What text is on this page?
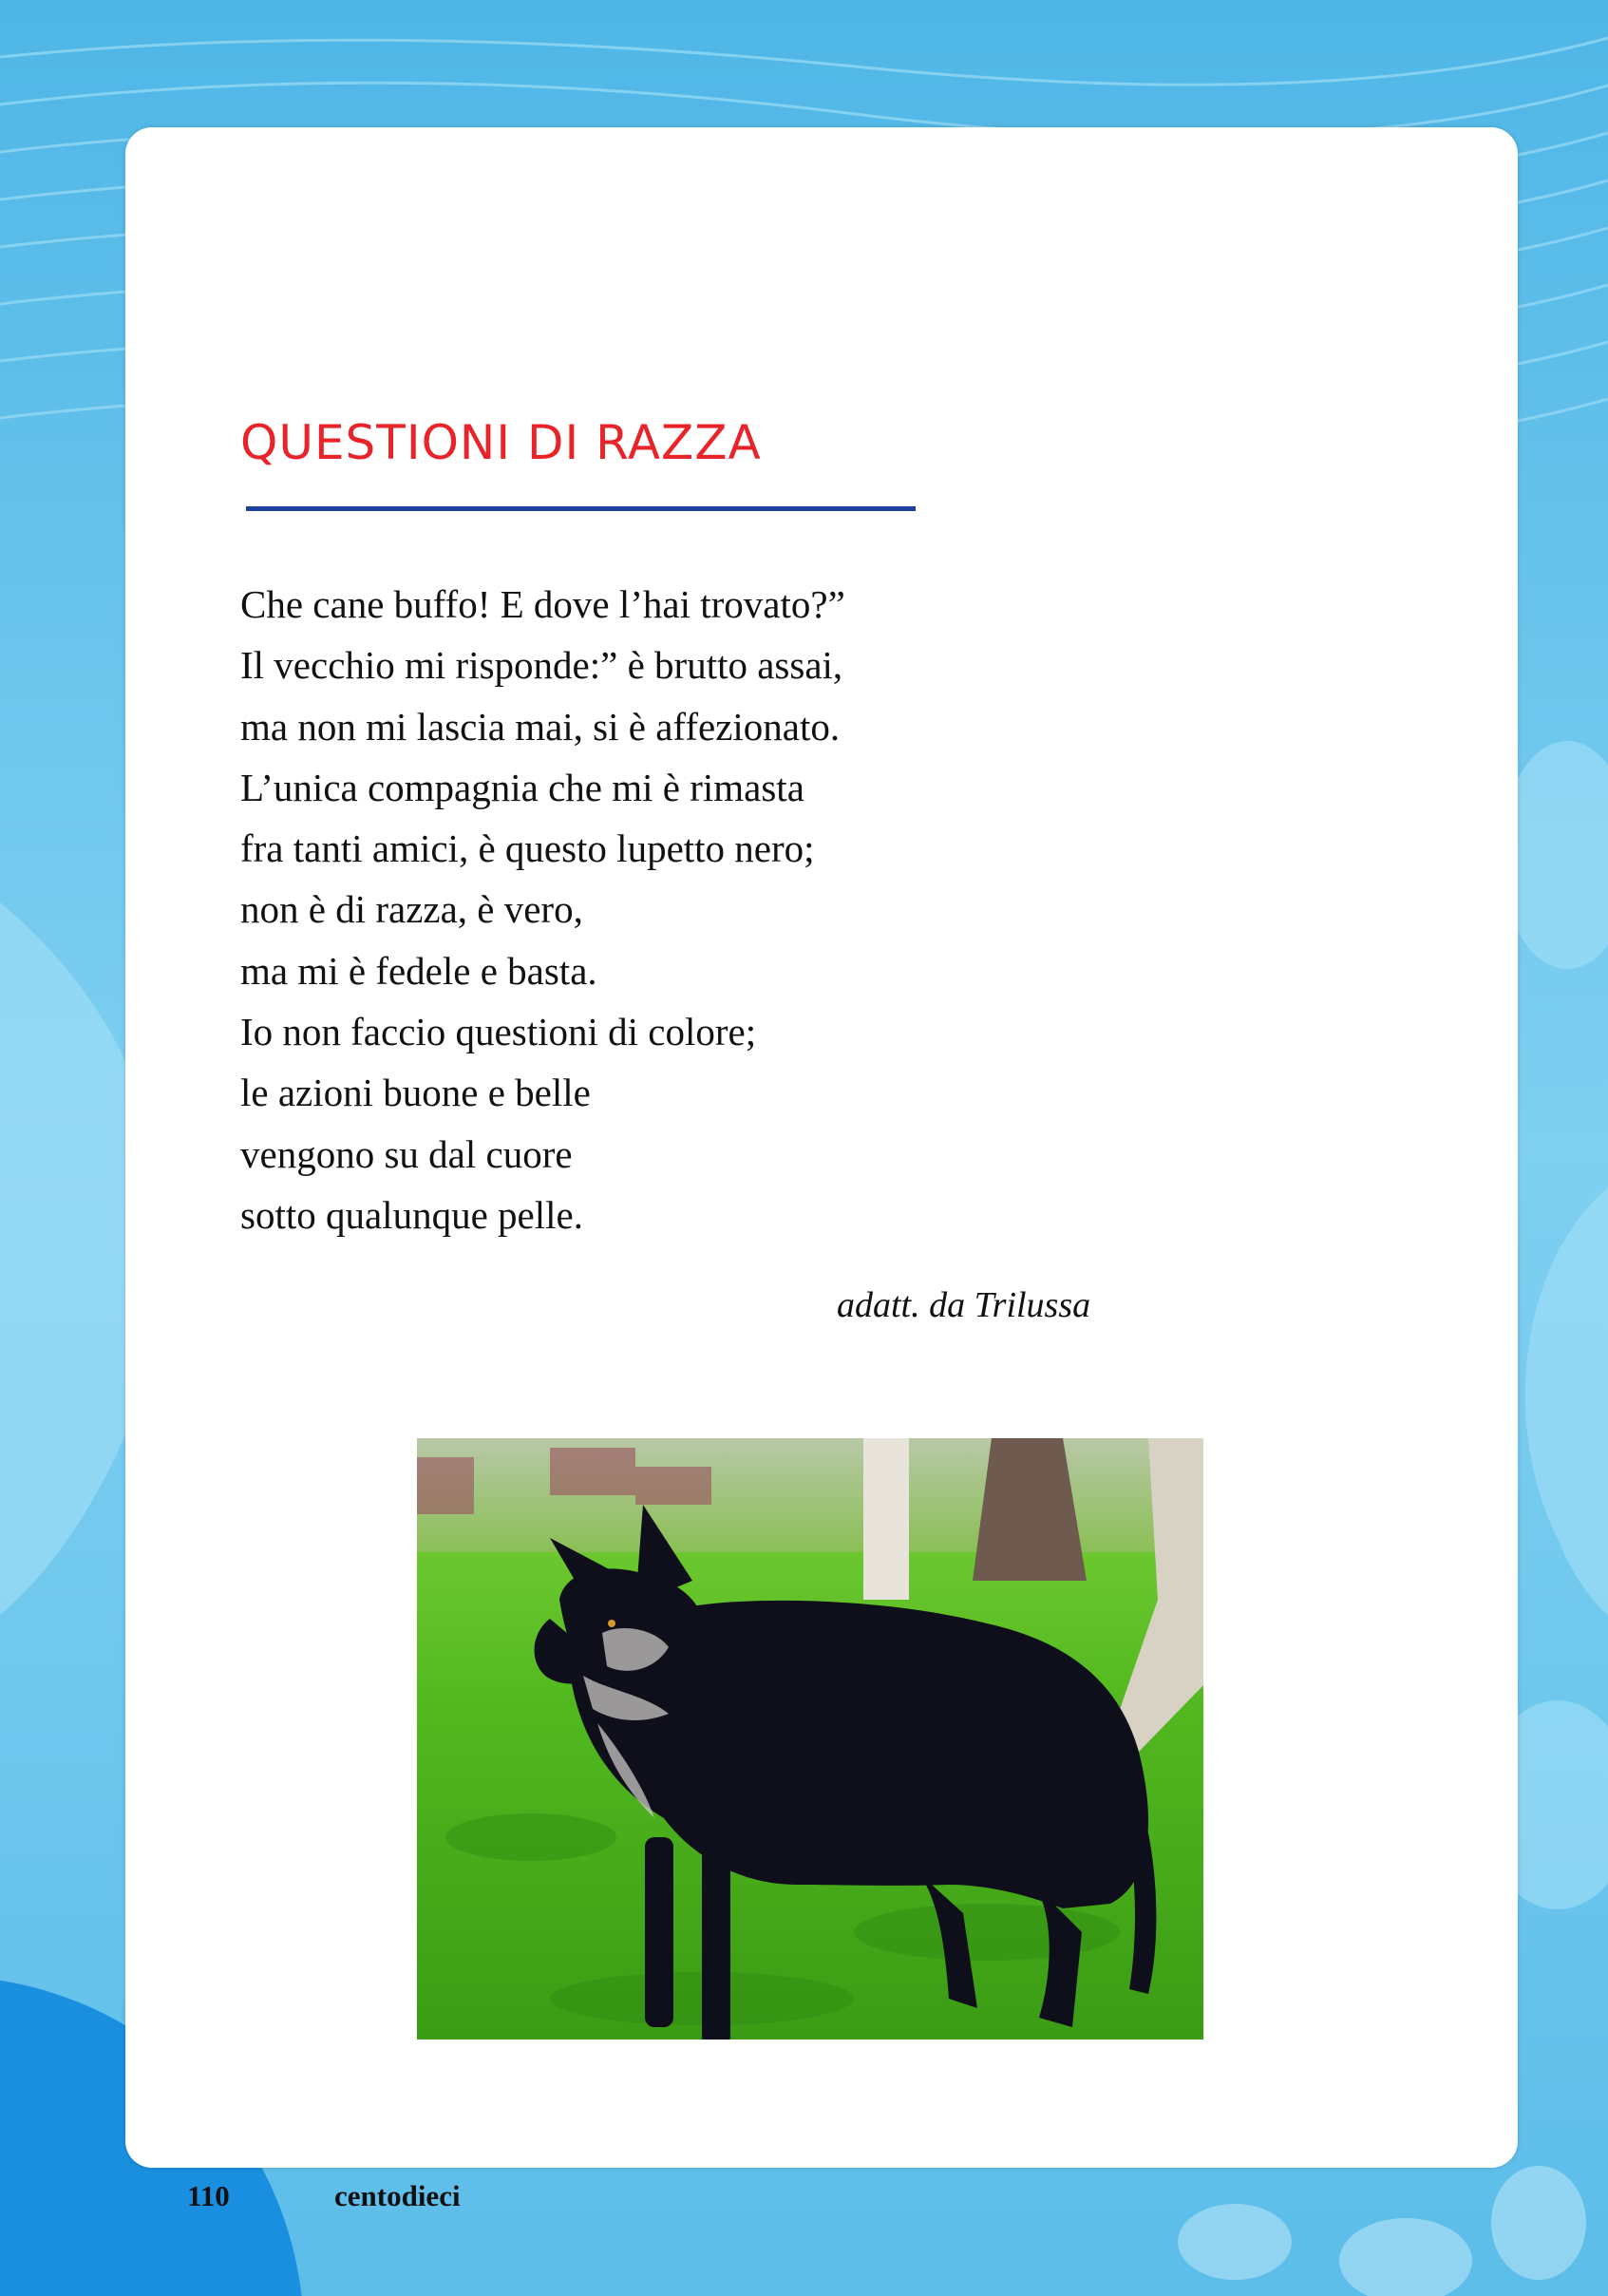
QUESTIONI DI RAZZA
Che cane buffo! E dove l’hai trovato?”
Il vecchio mi risponde:” è brutto assai,
ma non mi lascia mai, si è affezionato.
L’unica compagnia che mi è rimasta
fra tanti amici, è questo lupetto nero;
non è di razza, è vero,
ma mi è fedele e basta.
Io non faccio questioni di colore;
le azioni buone e belle
vengono su dal cuore
sotto qualunque pelle.

adatt. da Trilussa

110	centodieci
